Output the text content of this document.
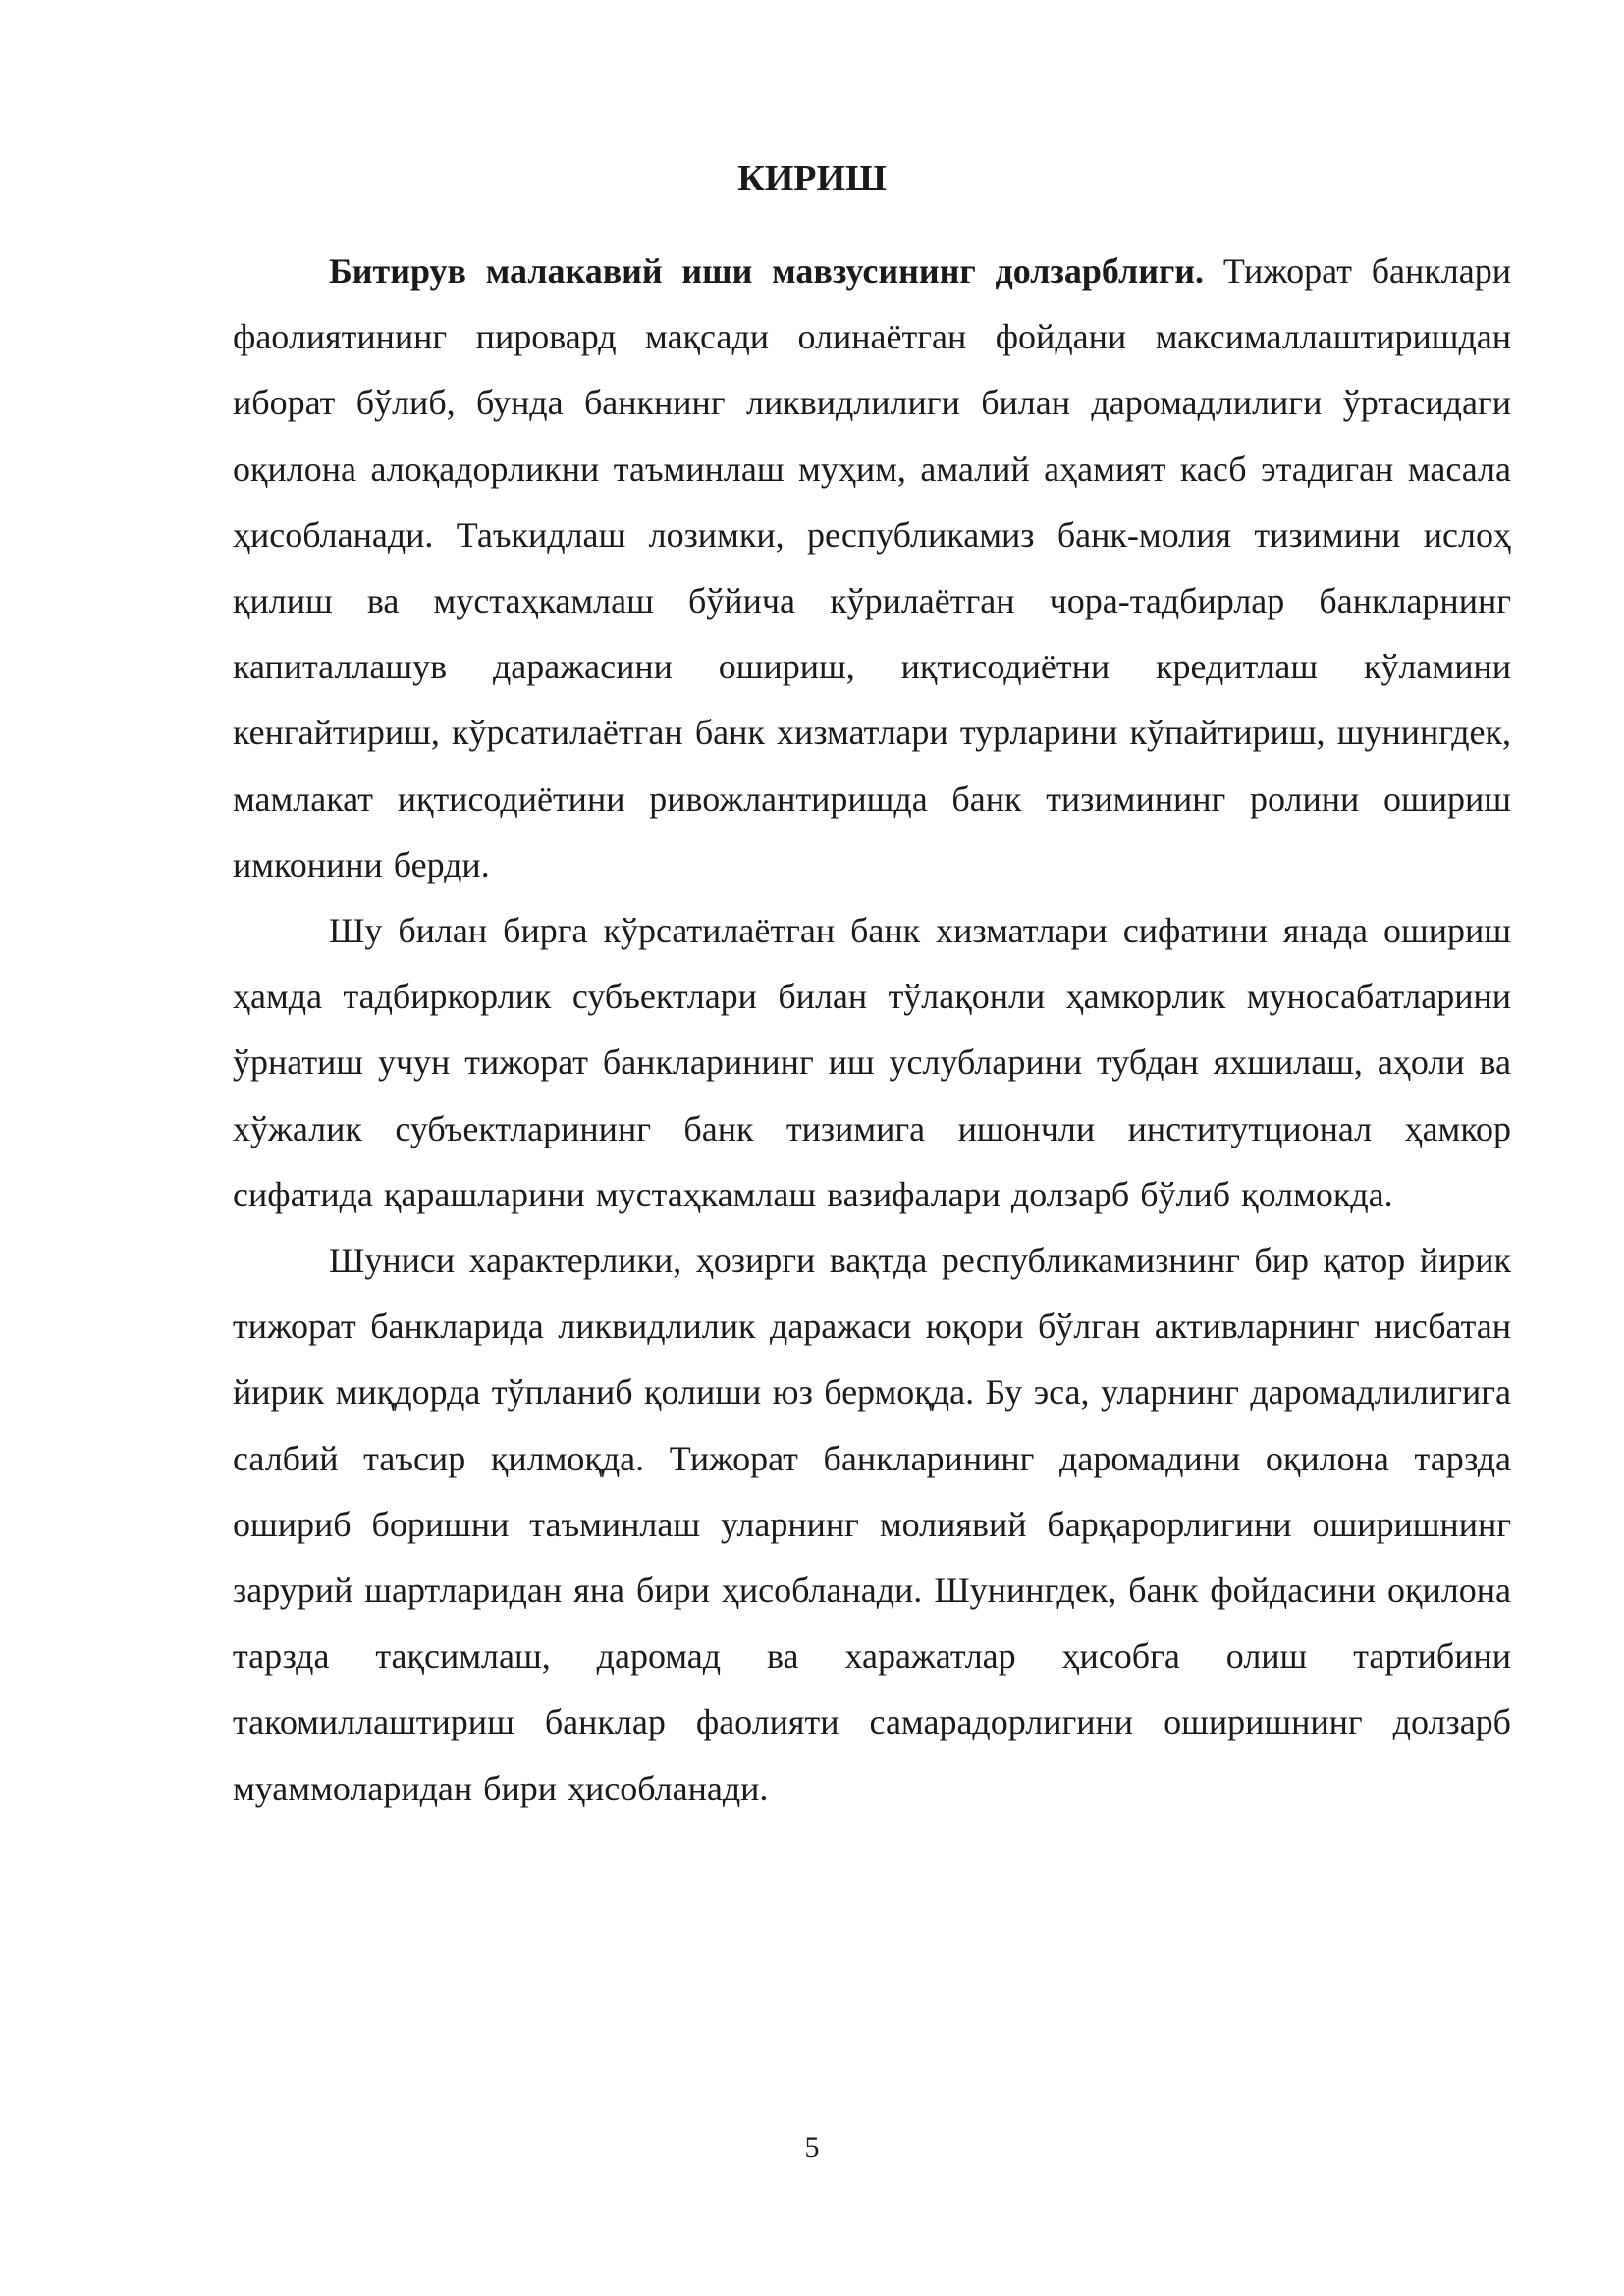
КИРИШ

Битирув малакавий иши мавзусининг долзарблиги. Тижорат банклари фаолиятининг пировард мақсади олинаётган фойдани максималлаштиришдан иборат бўлиб, бунда банкнинг ликвидлилиги билан даромадлилиги ўртасидаги оқилона алоқадорликни таъминлаш муҳим, амалий аҳамият касб этадиган масала ҳисобланади. Таъкидлаш лозимки, республикамиз банк-молия тизимини ислоҳ қилиш ва мустаҳкамлаш бўйича кўрилаётган чора-тадбирлар банкларнинг капиталлашув даражасини ошириш, иқтисодиётни кредитлаш кўламини кенгайтириш, кўрсатилаётган банк хизматлари турларини кўпайтириш, шунингдек, мамлакат иқтисодиётини ривожлантиришда банк тизимининг ролини ошириш имконини берди.

Шу билан бирга кўрсатилаётган банк хизматлари сифатини янада ошириш ҳамда тадбиркорлик субъектлари билан тўлақонли ҳамкорлик муносабатларини ўрнатиш учун тижорат банкларининг иш услубларини тубдан яхшилаш, аҳоли ва хўжалик субъектларининг банк тизимига ишончли институтционал ҳамкор сифатида қарашларини мустаҳкамлаш вазифалари долзарб бўлиб қолмокда.

Шуниси характерлики, ҳозирги вақтда республикамизнинг бир қатор йирик тижорат банкларида ликвидлилик даражаси юқори бўлган активларнинг нисбатан йирик миқдорда тўпланиб қолиши юз бермоқда. Бу эса, уларнинг даромадлилигига салбий таъсир қилмоқда. Тижорат банкларининг даромадини оқилона тарзда ошириб боришни таъминлаш уларнинг молиявий барқарорлигини оширишнинг зарурий шартларидан яна бири ҳисобланади. Шунингдек, банк фойдасини оқилона тарзда тақсимлаш, даромад ва харажатлар ҳисобга олиш тартибини такомиллаштириш банклар фаолияти самарадорлигини оширишнинг долзарб муаммоларидан бири ҳисобланади.

5
